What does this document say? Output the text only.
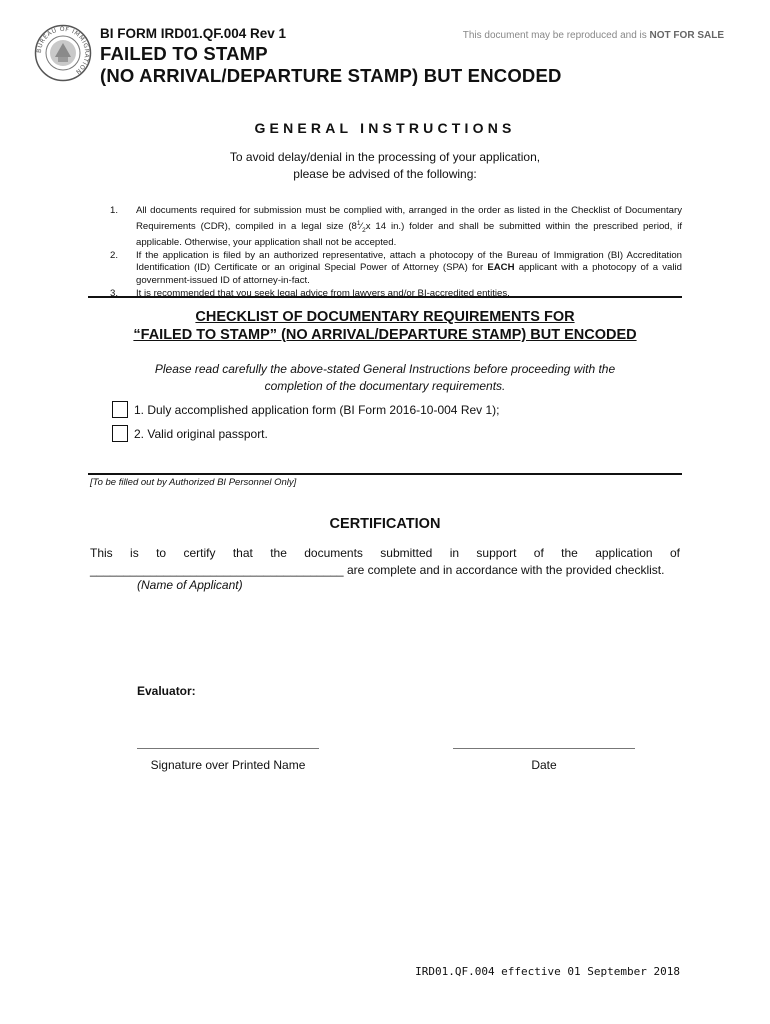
BUREAU OF IMMIGRATION
BI FORM IRD01.QF.004 Rev 1	This document may be reproduced and is NOT FOR SALE
FAILED TO STAMP
(NO ARRIVAL/DEPARTURE STAMP) BUT ENCODED
GENERAL INSTRUCTIONS
To avoid delay/denial in the processing of your application,
please be advised of the following:
1.	All documents required for submission must be complied with, arranged in the order as listed in the Checklist of Documentary Requirements (CDR), compiled in a legal size ($8^1⁄_2x$ 14 in.) folder and shall be submitted within the prescribed period, if applicable. Otherwise, your application shall not be accepted.
2.	If the application is filed by an authorized representative, attach a photocopy of the Bureau of Immigration (BI) Accreditation Identification (ID) Certificate or an original Special Power of Attorney (SPA) for EACH applicant with a photocopy of a valid government-issued ID of attorney-in-fact.
3.	It is recommended that you seek legal advice from lawyers and/or BI-accredited entities.
CHECKLIST OF DOCUMENTARY REQUIREMENTS FOR
“FAILED TO STAMP” (NO ARRIVAL/DEPARTURE STAMP) BUT ENCODED
Please read carefully the above-stated General Instructions before proceeding with the
completion of the documentary requirements.
1. Duly accomplished application form (BI Form 2016-10-004 Rev 1);
2. Valid original passport.
[To be filled out by Authorized BI Personnel Only]
CERTIFICATION
This is to certify that the documents submitted in support of the application of
______________________________________ are complete and in accordance with the provided checklist.
(Name of Applicant)
Evaluator:
Signature over Printed Name	Date
IRD01.QF.004 effective 01 September 2018
